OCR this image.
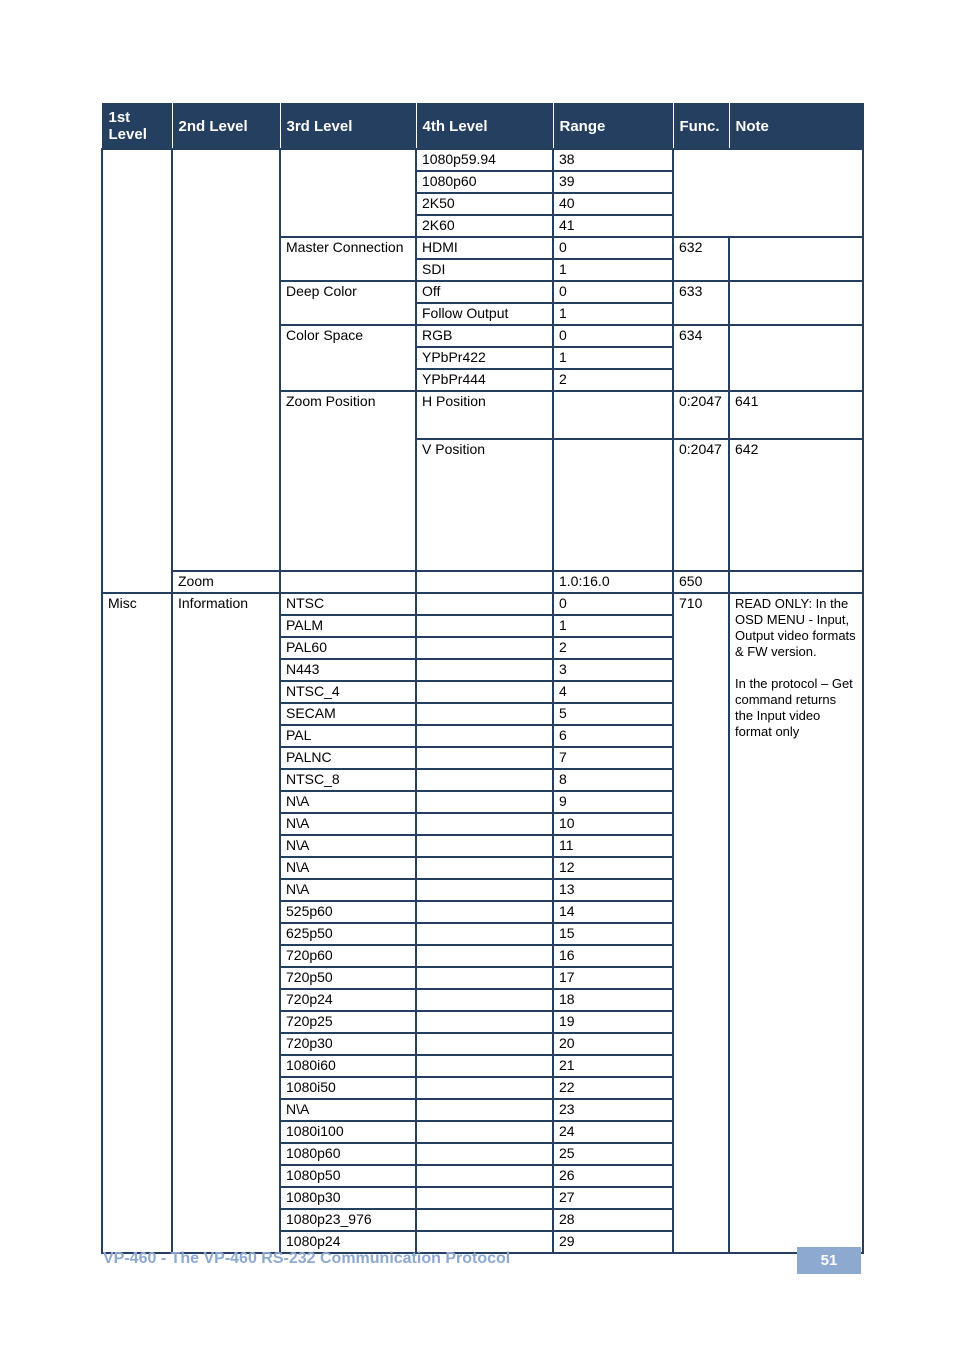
1st Level	2nd Level	3rd Level	4th Level	Range	Func.	Note	
			1080p59.94	38			
			1080p60	39			
			2K50	40			
			2K60	41			
		Master Connection	HDMI	0	632		
			SDI	1			
		Deep Color	Off	0	633		
			Follow Output	1			
		Color Space	RGB	0	634		
			YPbPr422	1			
			YPbPr444	2			
		Zoom Position	H Position		0:2047	641	
			V Position		0:2047	642	
	Zoom			1.0:16.0	650		
Misc	Information	NTSC		0	710	READ ONLY: In the OSD MENU - Input, Output video formats & FW version.
In the protocol – Get command returns the Input video format only	

		PALM		1			
		PAL60		2			
		N443		3			
		NTSC_4		4			
		SECAM		5			
		PAL		6			
		PALNC		7			
		NTSC_8		8			
		N\A		9			
		N\A		10			
		N\A		11			
		N\A		12			
		N\A		13			
		525p60		14			
		625p50		15			
		720p60		16			
		720p50		17			
		720p24		18			
		720p25		19			
		720p30		20			
		1080i60		21			
		1080i50		22			
		N\A		23			
		1080i100		24			
		1080p60		25			
		1080p50		26			
		1080p30		27			
		1080p23_976		28			
		1080p24		29			
VP-460 - The VP-460 RS-232 Communication Protocol	51
